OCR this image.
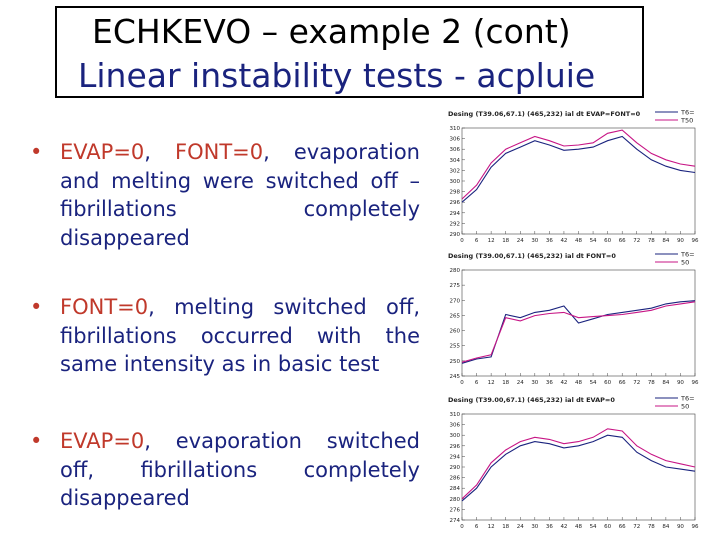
ECHKEVO – example 2 (cont)
Linear instability tests - acpluie
• EVAP=0, FONT=0, evaporation and melting were switched off – fibrillations completely disappeared
• FONT=0, melting switched off, fibrillations occurred with the same intensity as in basic test
• EVAP=0, evaporation switched off, fibrillations completely disappeared
Desing (T39.06,67.1) (465,232) ial dt EVAP=FONT=0	T6=
T50
310
306
306
304
302
300
298
296
294
292
290
0 6 12 18 24 30 36 42 48 54 60 66 72 78 84 90 96
Desing (T39.00,67.1) (465,232) ial dt FONT=0	T6=
50
280
275
270
265
260
255
250
245
0 6 12 18 24 30 36 42 48 54 60 66 72 78 84 90 96
Desing (T39.00,67.1) (465,232) ial dt EVAP=0	T6=
50
310
306
300
296
294
290
286
284
280
276
274
0 6 12 18 24 30 36 42 48 54 60 66 72 78 84 90 96
